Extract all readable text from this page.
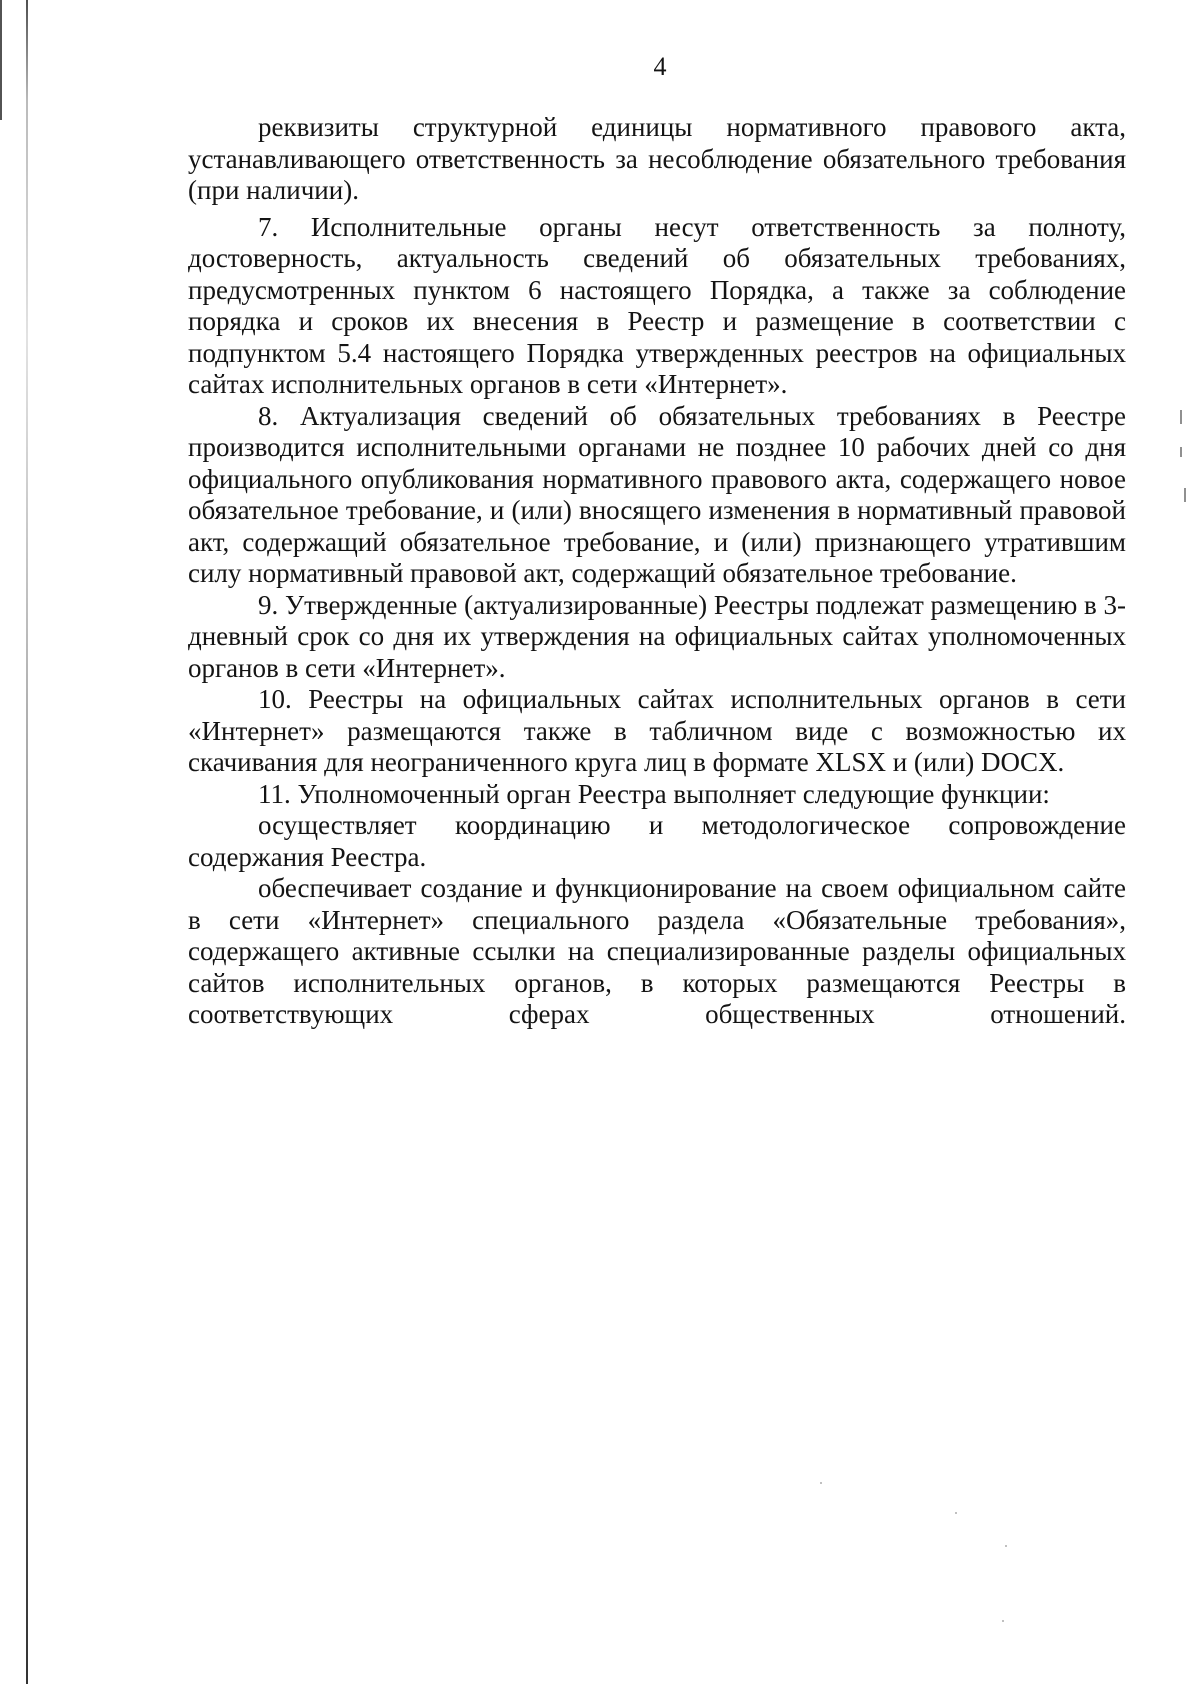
4

реквизиты структурной единицы нормативного правового акта, устанавливающего ответственность за несоблюдение обязательного требования (при наличии).

7. Исполнительные органы несут ответственность за полноту, достоверность, актуальность сведений об обязательных требованиях, предусмотренных пунктом 6 настоящего Порядка, а также за соблюдение порядка и сроков их внесения в Реестр и размещение в соответствии с подпунктом 5.4 настоящего Порядка утвержденных реестров на официальных сайтах исполнительных органов в сети «Интернет».

8. Актуализация сведений об обязательных требованиях в Реестре производится исполнительными органами не позднее 10 рабочих дней со дня официального опубликования нормативного правового акта, содержащего новое обязательное требование, и (или) вносящего изменения в нормативный правовой акт, содержащий обязательное требование, и (или) признающего утратившим силу нормативный правовой акт, содержащий обязательное требование.

9. Утвержденные (актуализированные) Реестры подлежат размещению в 3-дневный срок со дня их утверждения на официальных сайтах уполномоченных органов в сети «Интернет».

10. Реестры на официальных сайтах исполнительных органов в сети «Интернет» размещаются также в табличном виде с возможностью их скачивания для неограниченного круга лиц в формате XLSX и (или) DOCX.

11. Уполномоченный орган Реестра выполняет следующие функции:

осуществляет координацию и методологическое сопровождение содержания Реестра.

обеспечивает создание и функционирование на своем официальном сайте в сети «Интернет» специального раздела «Обязательные требования», содержащего активные ссылки на специализированные разделы официальных сайтов исполнительных органов, в которых размещаются Реестры в соответствующих сферах общественных отношений.
